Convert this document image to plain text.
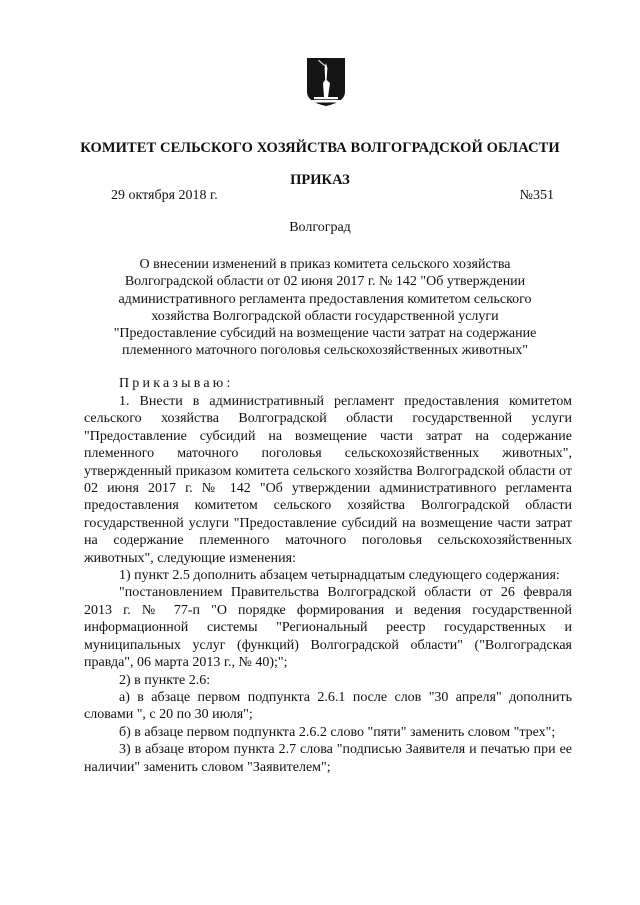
КОМИТЕТ СЕЛЬСКОГО ХОЗЯЙСТВА ВОЛГОГРАДСКОЙ ОБЛАСТИ
ПРИКАЗ
29 октября 2018 г.	№351
Волгоград
О внесении изменений в приказ комитета сельского хозяйства
Волгоградской области от 02 июня 2017 г. № 142 "Об утверждении
административного регламента предоставления комитетом сельского
хозяйства Волгоградской области государственной услуги
"Предоставление субсидий на возмещение части затрат на содержание
племенного маточного поголовья сельскохозяйственных животных"
Приказываю:

1. Внести в административный регламент предоставления комитетом сельского хозяйства Волгоградской области государственной услуги "Предоставление субсидий на возмещение части затрат на содержание племенного маточного поголовья сельскохозяйственных животных", утвержденный приказом комитета сельского хозяйства Волгоградской области от 02 июня 2017 г. № 142 "Об утверждении административного регламента предоставления комитетом сельского хозяйства Волгоградской области государственной услуги "Предоставление субсидий на возмещение части затрат на содержание племенного маточного поголовья сельскохозяйственных животных", следующие изменения:

1) пункт 2.5 дополнить абзацем четырнадцатым следующего содержания:

"постановлением Правительства Волгоградской области от 26 февраля 2013 г. № 77-п "О порядке формирования и ведения государственной информационной системы "Региональный реестр государственных и муниципальных услуг (функций) Волгоградской области" ("Волгоградская правда", 06 марта 2013 г., № 40);";

2) в пункте 2.6:

а) в абзаце первом подпункта 2.6.1 после слов "30 апреля" дополнить словами ", с 20 по 30 июля";

б) в абзаце первом подпункта 2.6.2 слово "пяти" заменить словом "трех";

3) в абзаце втором пункта 2.7 слова "подписью Заявителя и печатью при ее наличии" заменить словом "Заявителем";
